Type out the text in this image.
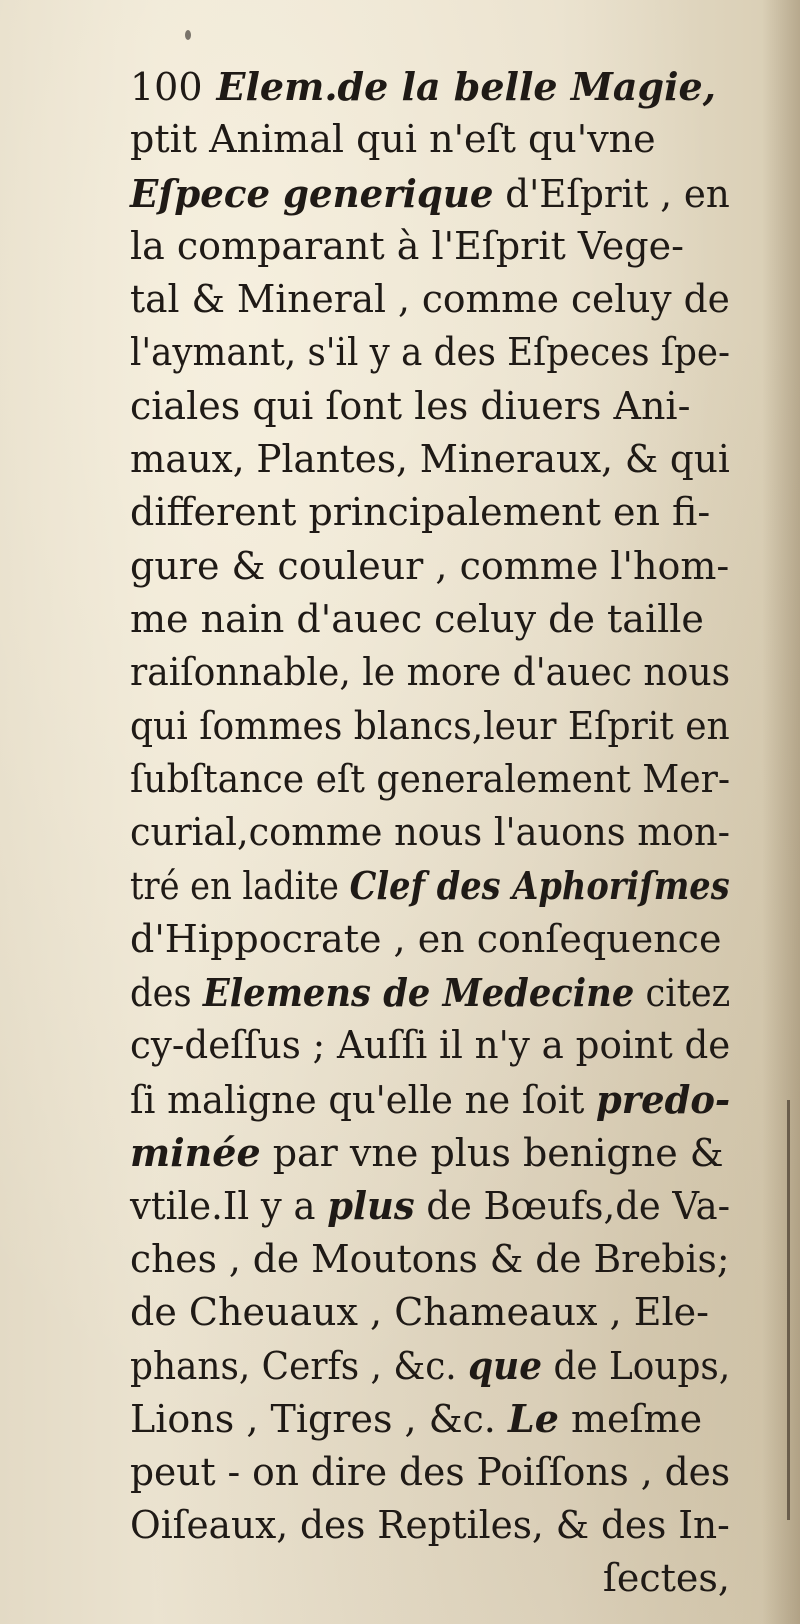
100 Elem.de la belle Magie,
ptit Animal qui n'eſt qu'vne
Eſpece generique d'Eſprit , en
la comparant à l'Eſprit Vege-
tal & Mineral , comme celuy de
l'aymant, s'il y a des Eſpeces ſpe-
ciales qui ſont les diuers Ani-
maux, Plantes, Mineraux, & qui
different principalement en fi-
gure & couleur , comme l'hom-
me nain d'auec celuy de taille
raiſonnable, le more d'auec nous
qui ſommes blancs,leur Eſprit en
ſubſtance eſt generalement Mer-
curial,comme nous l'auons mon-
tré en ladite Clef des Aphoriſmes
d'Hippocrate , en conſequence
des Elemens de Medecine citez
cy-deſſus ; Auſſi il n'y a point de
ſi maligne qu'elle ne ſoit predo-
minée par vne plus benigne &
vtile.Il y a plus de Bœufs,de Va-
ches , de Moutons & de Brebis;
de Cheuaux , Chameaux , Ele-
phans, Cerfs , &c. que de Loups,
Lions , Tigres , &c. Le meſme
peut - on dire des Poiſſons , des
Oiſeaux, des Reptiles, & des In-
ſectes,
